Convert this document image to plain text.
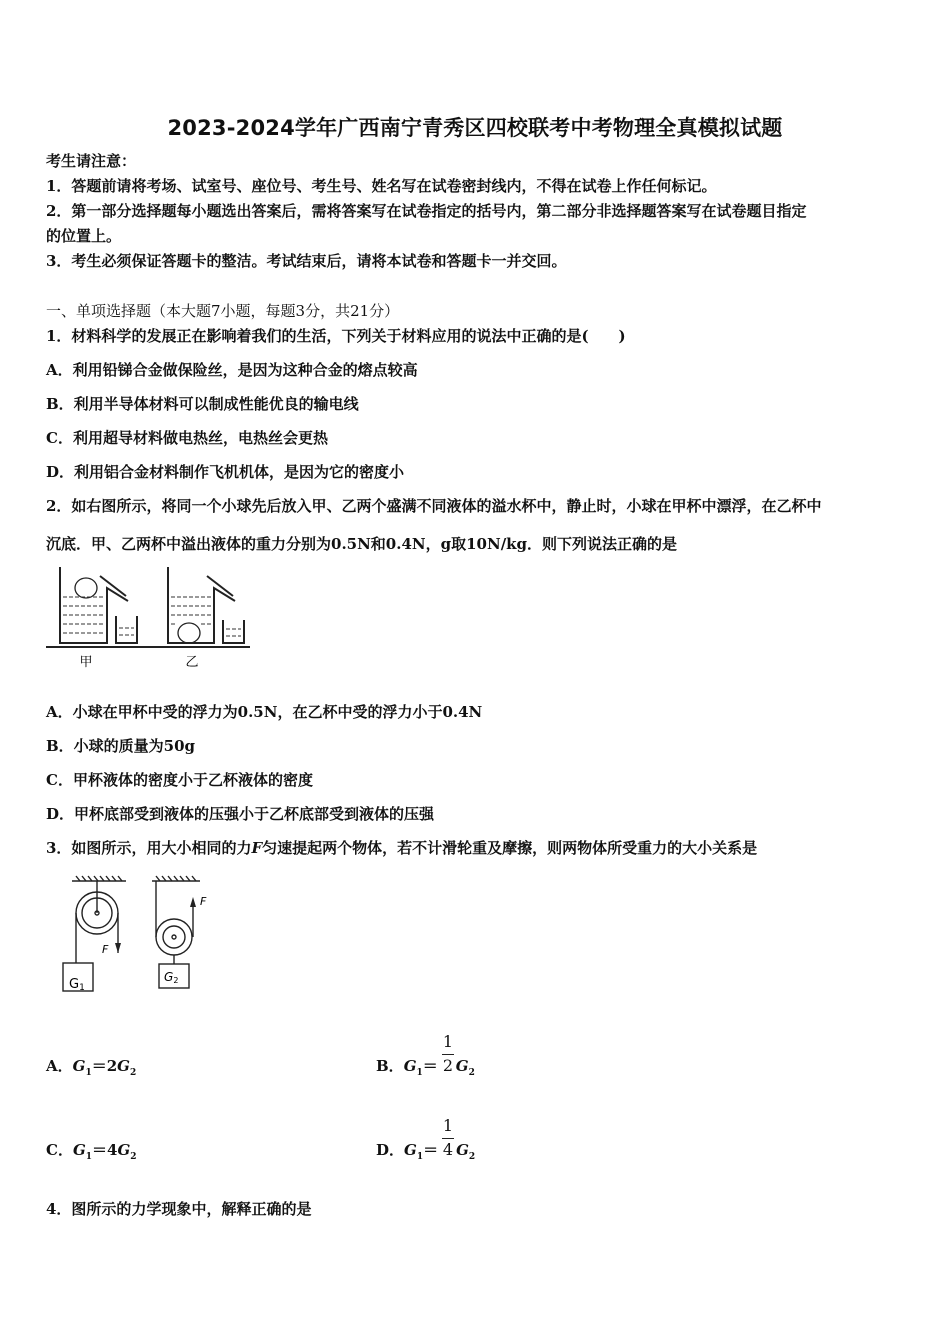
2023-2024学年广西南宁青秀区四校联考中考物理全真模拟试题
考生请注意：
1．答题前请将考场、试室号、座位号、考生号、姓名写在试卷密封线内，不得在试卷上作任何标记。
2．第一部分选择题每小题选出答案后，需将答案写在试卷指定的括号内，第二部分非选择题答案写在试卷题目指定
的位置上。
3．考生必须保证答题卡的整洁。考试结束后，请将本试卷和答题卡一并交回。
一、单项选择题（本大题7小题，每题3分，共21分）
1．材料科学的发展正在影响着我们的生活，下列关于材料应用的说法中正确的是(　　)
A．利用铅锑合金做保险丝，是因为这种合金的熔点较高
B．利用半导体材料可以制成性能优良的输电线
C．利用超导材料做电热丝，电热丝会更热
D．利用铝合金材料制作飞机机体，是因为它的密度小
2．如右图所示，将同一个小球先后放入甲、乙两个盛满不同液体的溢水杯中，静止时，小球在甲杯中漂浮，在乙杯中
沉底．甲、乙两杯中溢出液体的重力分别为0.5N和0.4N，g取10N/kg．则下列说法正确的是
甲	乙
A．小球在甲杯中受的浮力为0.5N，在乙杯中受的浮力小于0.4N
B．小球的质量为50g
C．甲杯液体的密度小于乙杯液体的密度
D．甲杯底部受到液体的压强小于乙杯底部受到液体的压强
3．如图所示，用大小相同的力F匀速提起两个物体，若不计滑轮重及摩擦，则两物体所受重力的大小关系是
F
F
G1
G2
A．$G_1=2G_2$	B．$G_1= G_2$
1
2
C．$G_1=4G_2$	D．$G_1= G_2$
1
4
4．图所示的力学现象中，解释正确的是
